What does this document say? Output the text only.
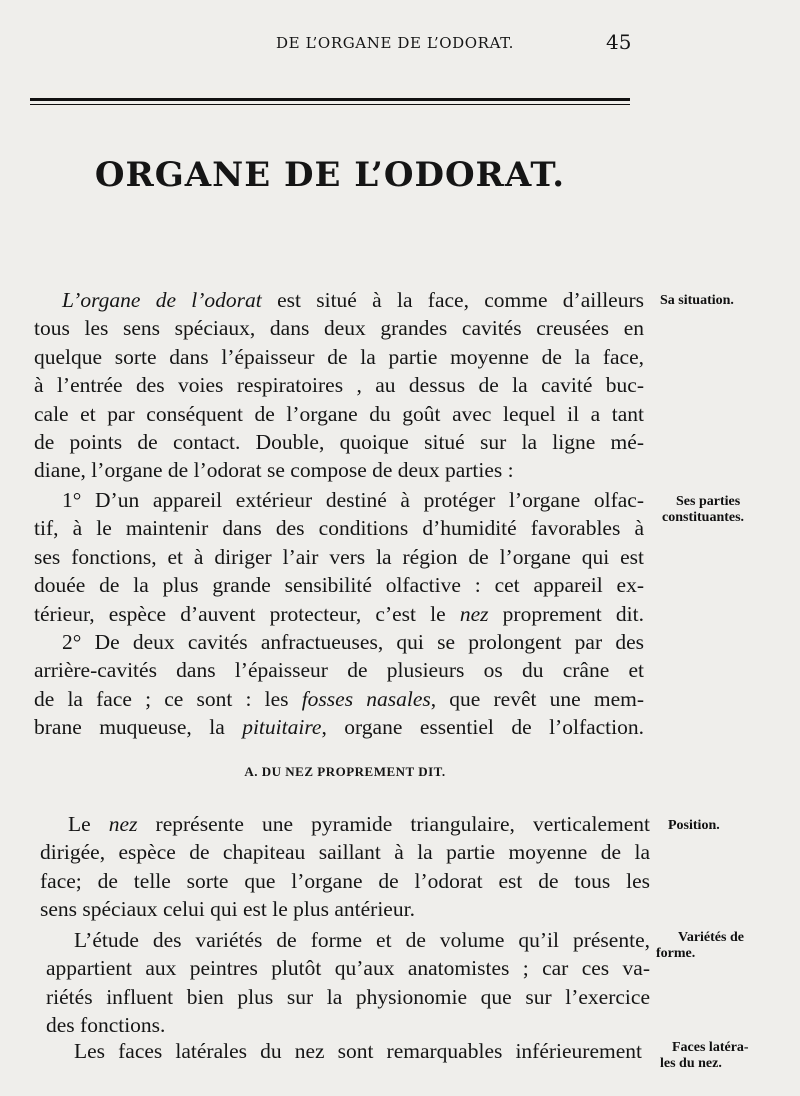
DE L’ORGANE DE L’ODORAT.	45
ORGANE DE L’ODORAT.
L’organe de l’odorat est situé à la face, comme d’ailleurs
tous les sens spéciaux, dans deux grandes cavités creusées en
quelque sorte dans l’épaisseur de la partie moyenne de la face,
à l’entrée des voies respiratoires , au dessus de la cavité buc-
cale et par conséquent de l’organe du goût avec lequel il a tant
de points de contact. Double, quoique situé sur la ligne mé-
diane, l’organe de l’odorat se compose de deux parties :
1° D’un appareil extérieur destiné à protéger l’organe olfac-
tif, à le maintenir dans des conditions d’humidité favorables à
ses fonctions, et à diriger l’air vers la région de l’organe qui est
douée de la plus grande sensibilité olfactive : cet appareil ex-
térieur, espèce d’auvent protecteur, c’est le nez proprement dit.
2° De deux cavités anfractueuses, qui se prolongent par des
arrière-cavités dans l’épaisseur de plusieurs os du crâne et
de la face ; ce sont : les fosses nasales, que revêt une mem-
brane muqueuse, la pituitaire, organe essentiel de l’olfaction.
A. DU NEZ PROPREMENT DIT.
Le nez représente une pyramide triangulaire, verticalement
dirigée, espèce de chapiteau saillant à la partie moyenne de la
face; de telle sorte que l’organe de l’odorat est de tous les
sens spéciaux celui qui est le plus antérieur.
L’étude des variétés de forme et de volume qu’il présente,
appartient aux peintres plutôt qu’aux anatomistes ; car ces va-
riétés influent bien plus sur la physionomie que sur l’exercice
des fonctions.
Les faces latérales du nez sont remarquables inférieurement
Sa situation.
Ses parties
constituantes.
Position.
Variétés de
forme.
Faces latéra-
les du nez.
